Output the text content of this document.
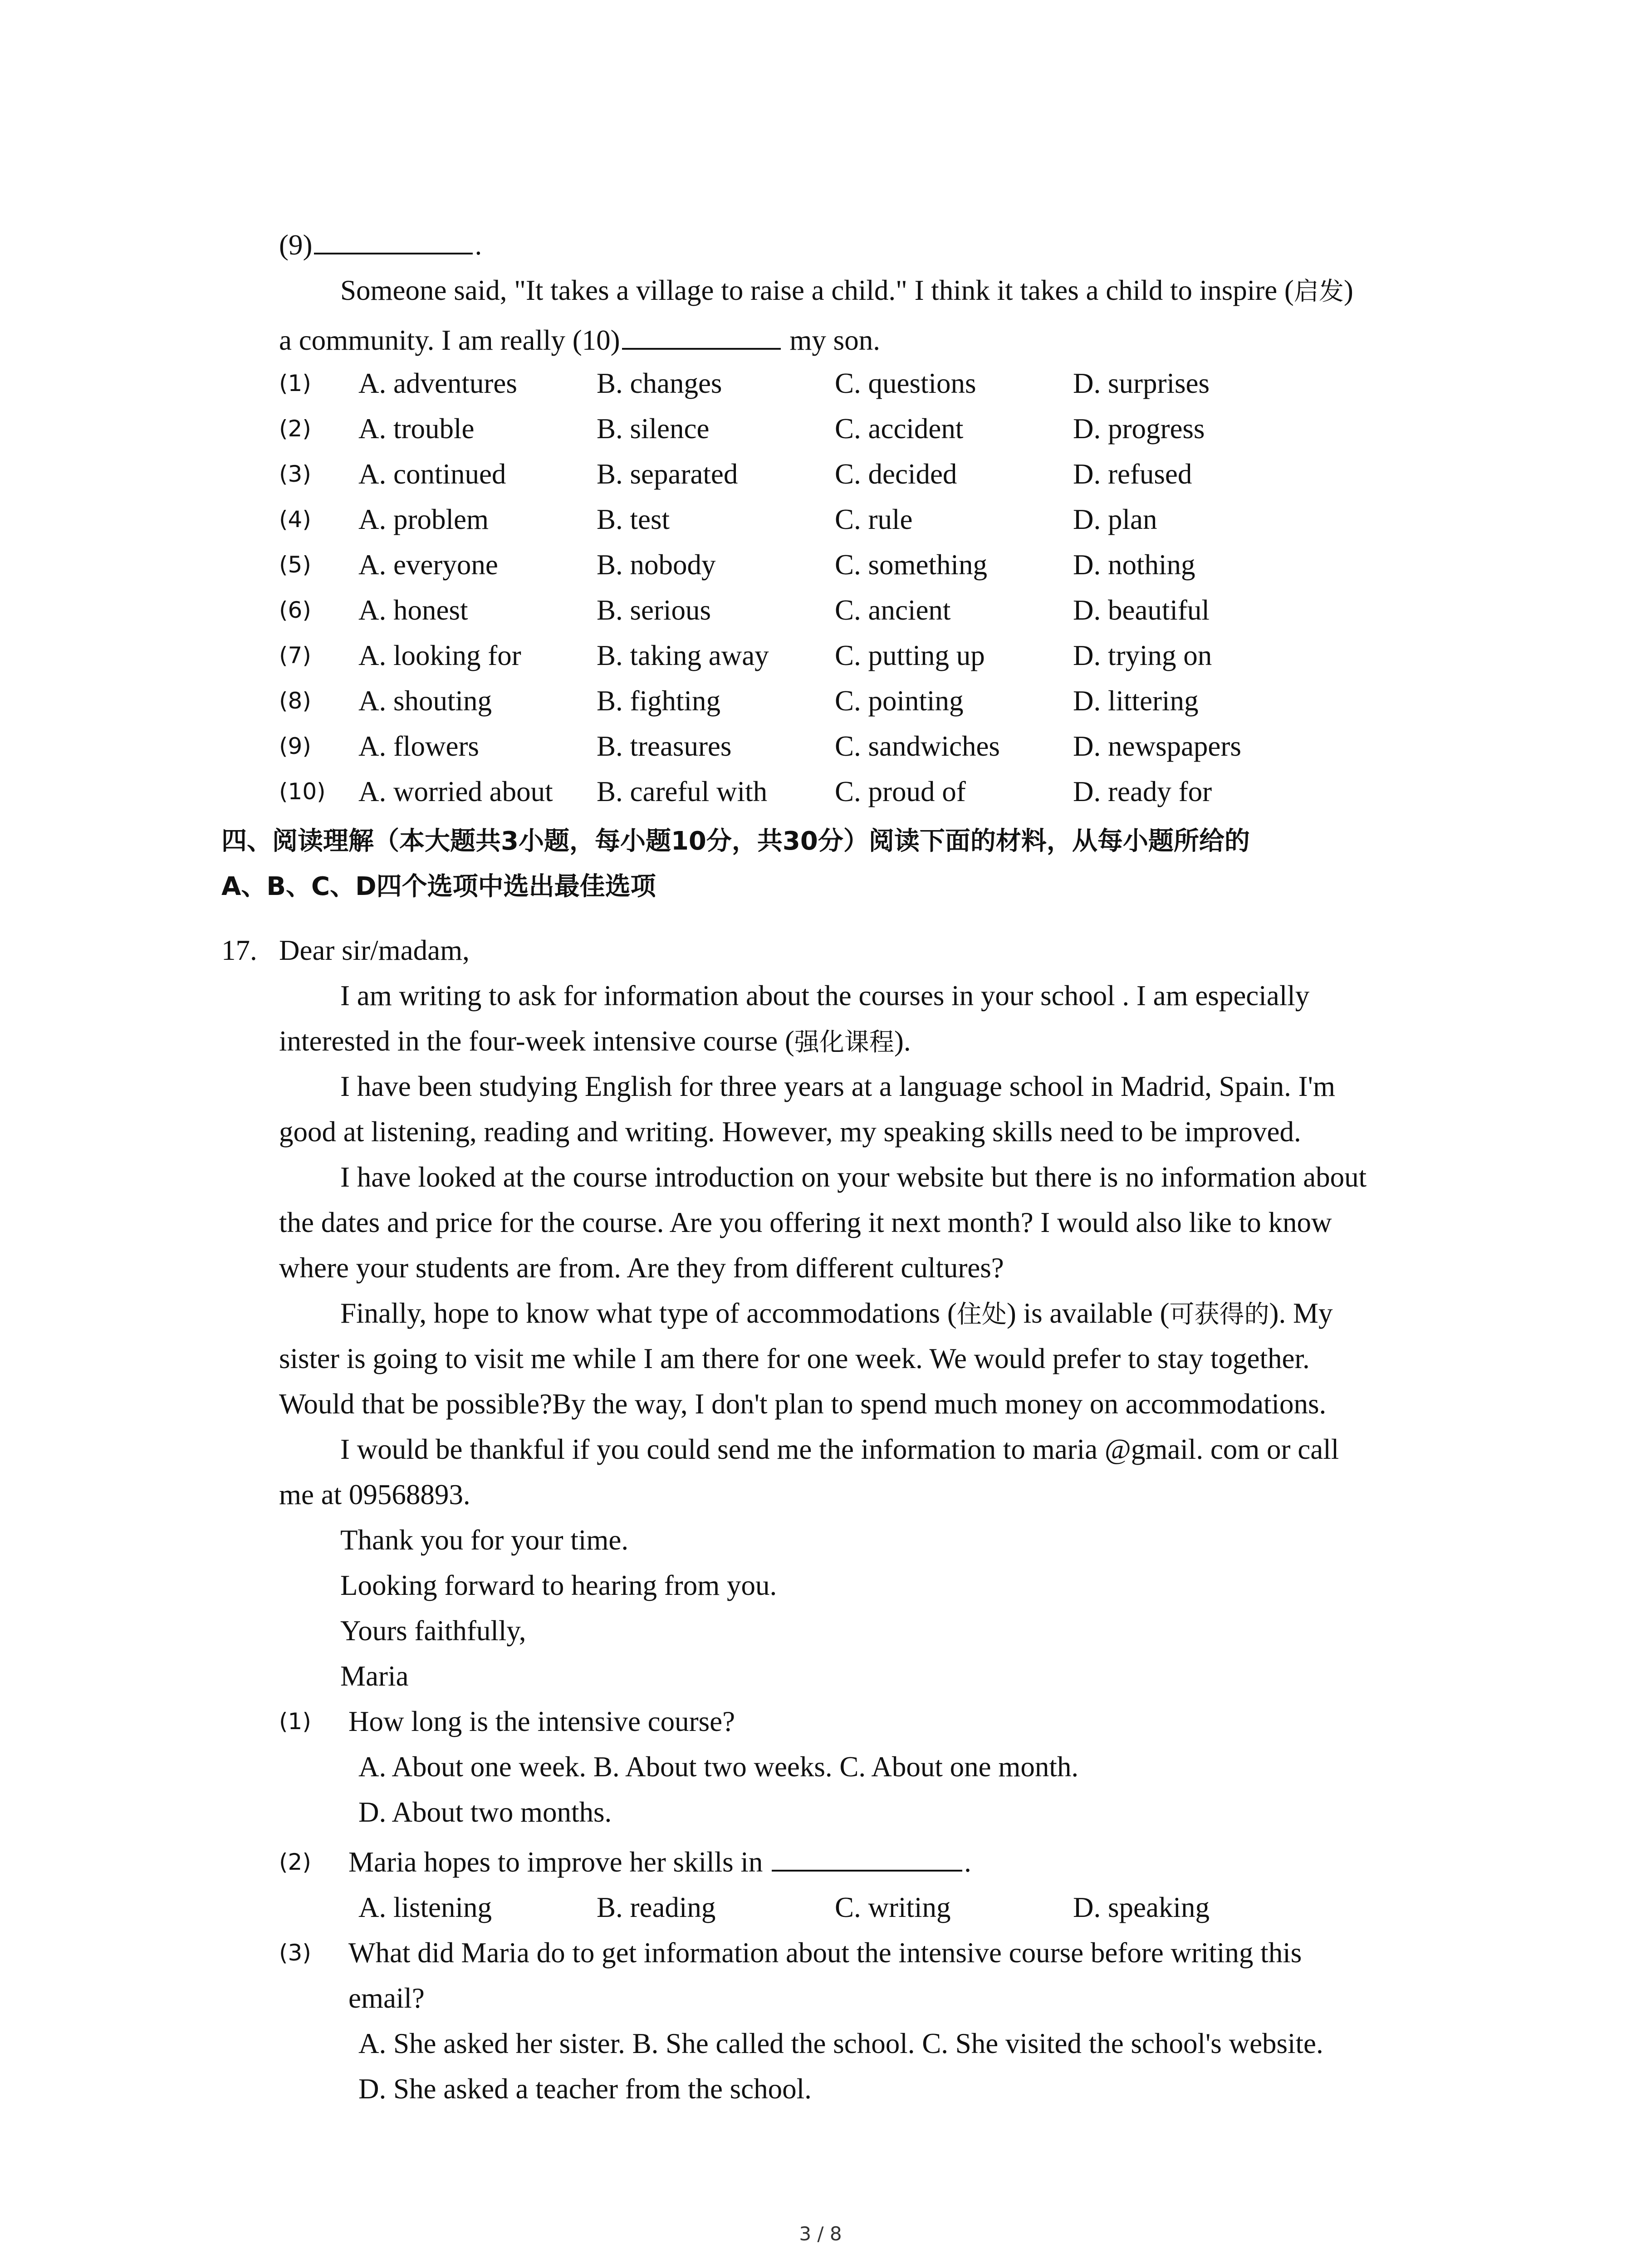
(9)	.
Someone said, "It takes a village to raise a child." I think it takes a child to inspire (启发)
a community. I am really (10)	my son.
(1) A. adventures	B. changes	C. questions	D. surprises
(2) A. trouble	B. silence	C. accident	D. progress
(3) A. continued	B. separated	C. decided	D. refused
(4) A. problem	B. test	C. rule	D. plan
(5) A. everyone	B. nobody	C. something	D. nothing
(6) A. honest	B. serious	C. ancient	D. beautiful
(7) A. looking for	B. taking away C. putting up	D. trying on
(8) A. shouting	B. fighting	C. pointing	D. littering
(9) A. flowers	B. treasures	C. sandwiches	D. newspapers
(10) A. worried about B. careful with C. proud of	D. ready for
四、阅读理解（本大题共3小题，每小题10分，共30分）阅读下面的材料，从每小题所给的
A、B、C、D四个选项中选出最佳选项
17. Dear sir/madam,
I am writing to ask for information about the courses in your school . I am especially
interested in the four-week intensive course (强化课程).
I have been studying English for three years at a language school in Madrid, Spain. I'm
good at listening, reading and writing. However, my speaking skills need to be improved.
I have looked at the course introduction on your website but there is no information about
the dates and price for the course. Are you offering it next month? I would also like to know
where your students are from. Are they from different cultures?
Finally, hope to know what type of accommodations (住处) is available (可获得的). My
sister is going to visit me while I am there for one week. We would prefer to stay together.
Would that be possible?By the way, I don't plan to spend much money on accommodations.
I would be thankful if you could send me the information to maria @gmail. com or call
me at 09568893.
Thank you for your time.
Looking forward to hearing from you.
Yours faithfully,
Maria
(1) How long is the intensive course?
A. About one week. B. About two weeks. C. About one month.
D. About two months.
(2) Maria hopes to improve her skills in	.
A. listening	B. reading	C. writing	D. speaking
(3) What did Maria do to get information about the intensive course before writing this
email?
A. She asked her sister. B. She called the school. C. She visited the school's website.
D. She asked a teacher from the school.
3 / 8
